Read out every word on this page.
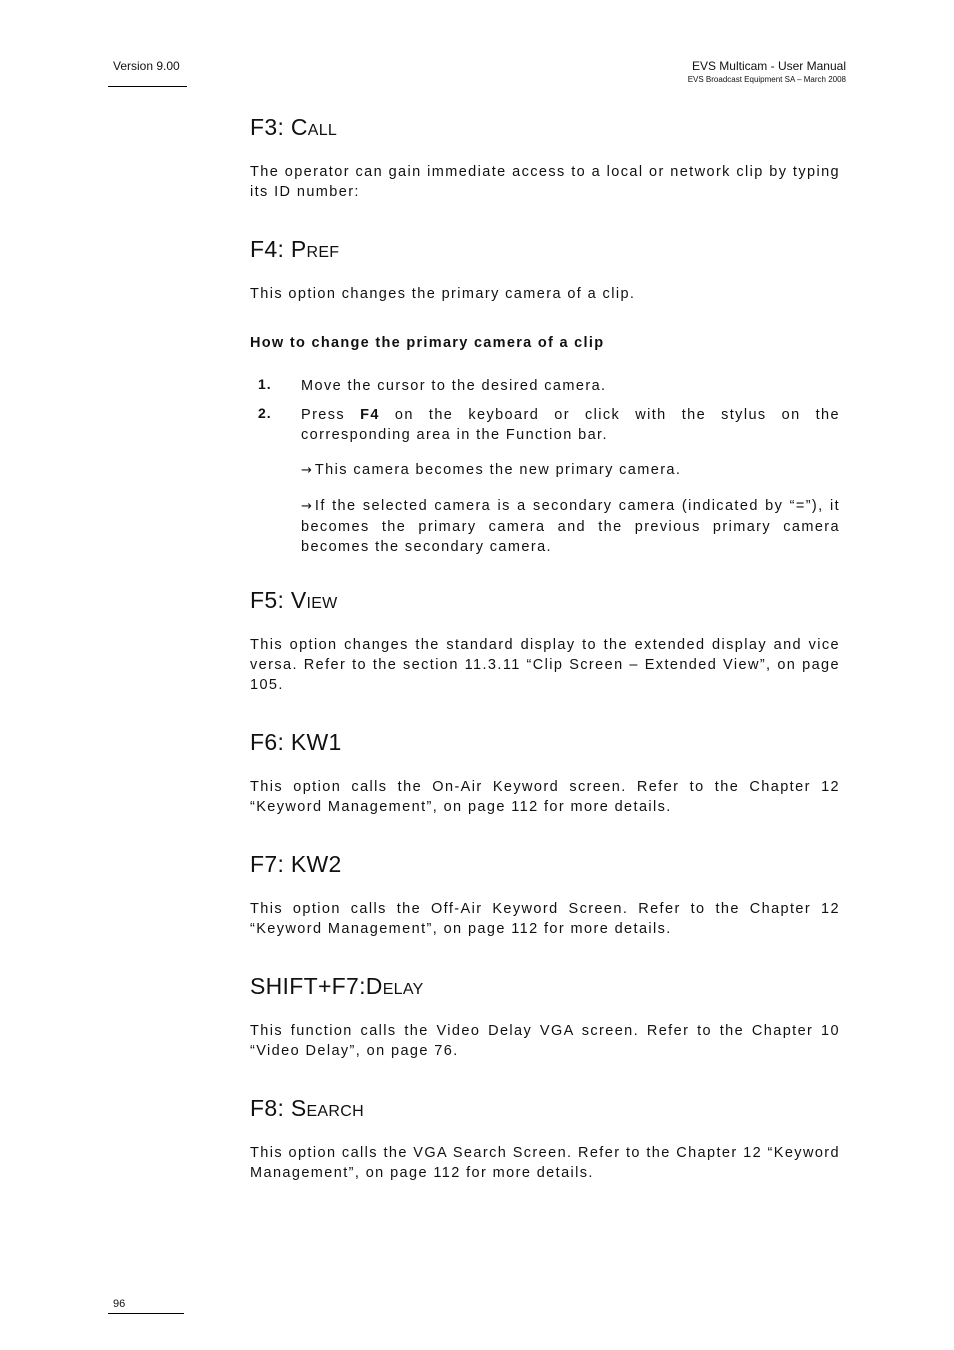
Version 9.00	EVS Multicam - User Manual
EVS Broadcast Equipment SA – March 2008
F3: Call

The operator can gain immediate access to a local or network clip by typing its ID number:

F4: Pref

This option changes the primary camera of a clip.

How to change the primary camera of a clip

1. Move the cursor to the desired camera.

2. Press F4 on the keyboard or click with the stylus on the corresponding area in the Function bar.

→ This camera becomes the new primary camera.

→ If the selected camera is a secondary camera (indicated by “=”), it becomes the primary camera and the previous primary camera becomes the secondary camera.

F5: View

This option changes the standard display to the extended display and vice versa. Refer to the section 11.3.11 “Clip Screen – Extended View”, on page 105.

F6: KW1

This option calls the On-Air Keyword screen. Refer to the Chapter 12 “Keyword Management”, on page 112 for more details.

F7: KW2

This option calls the Off-Air Keyword Screen. Refer to the Chapter 12 “Keyword Management”, on page 112 for more details.

SHIFT+F7:Delay

This function calls the Video Delay VGA screen. Refer to the Chapter 10 “Video Delay”, on page 76.

F8: Search

This option calls the VGA Search Screen. Refer to the Chapter 12 “Keyword Management”, on page 112 for more details.

96
